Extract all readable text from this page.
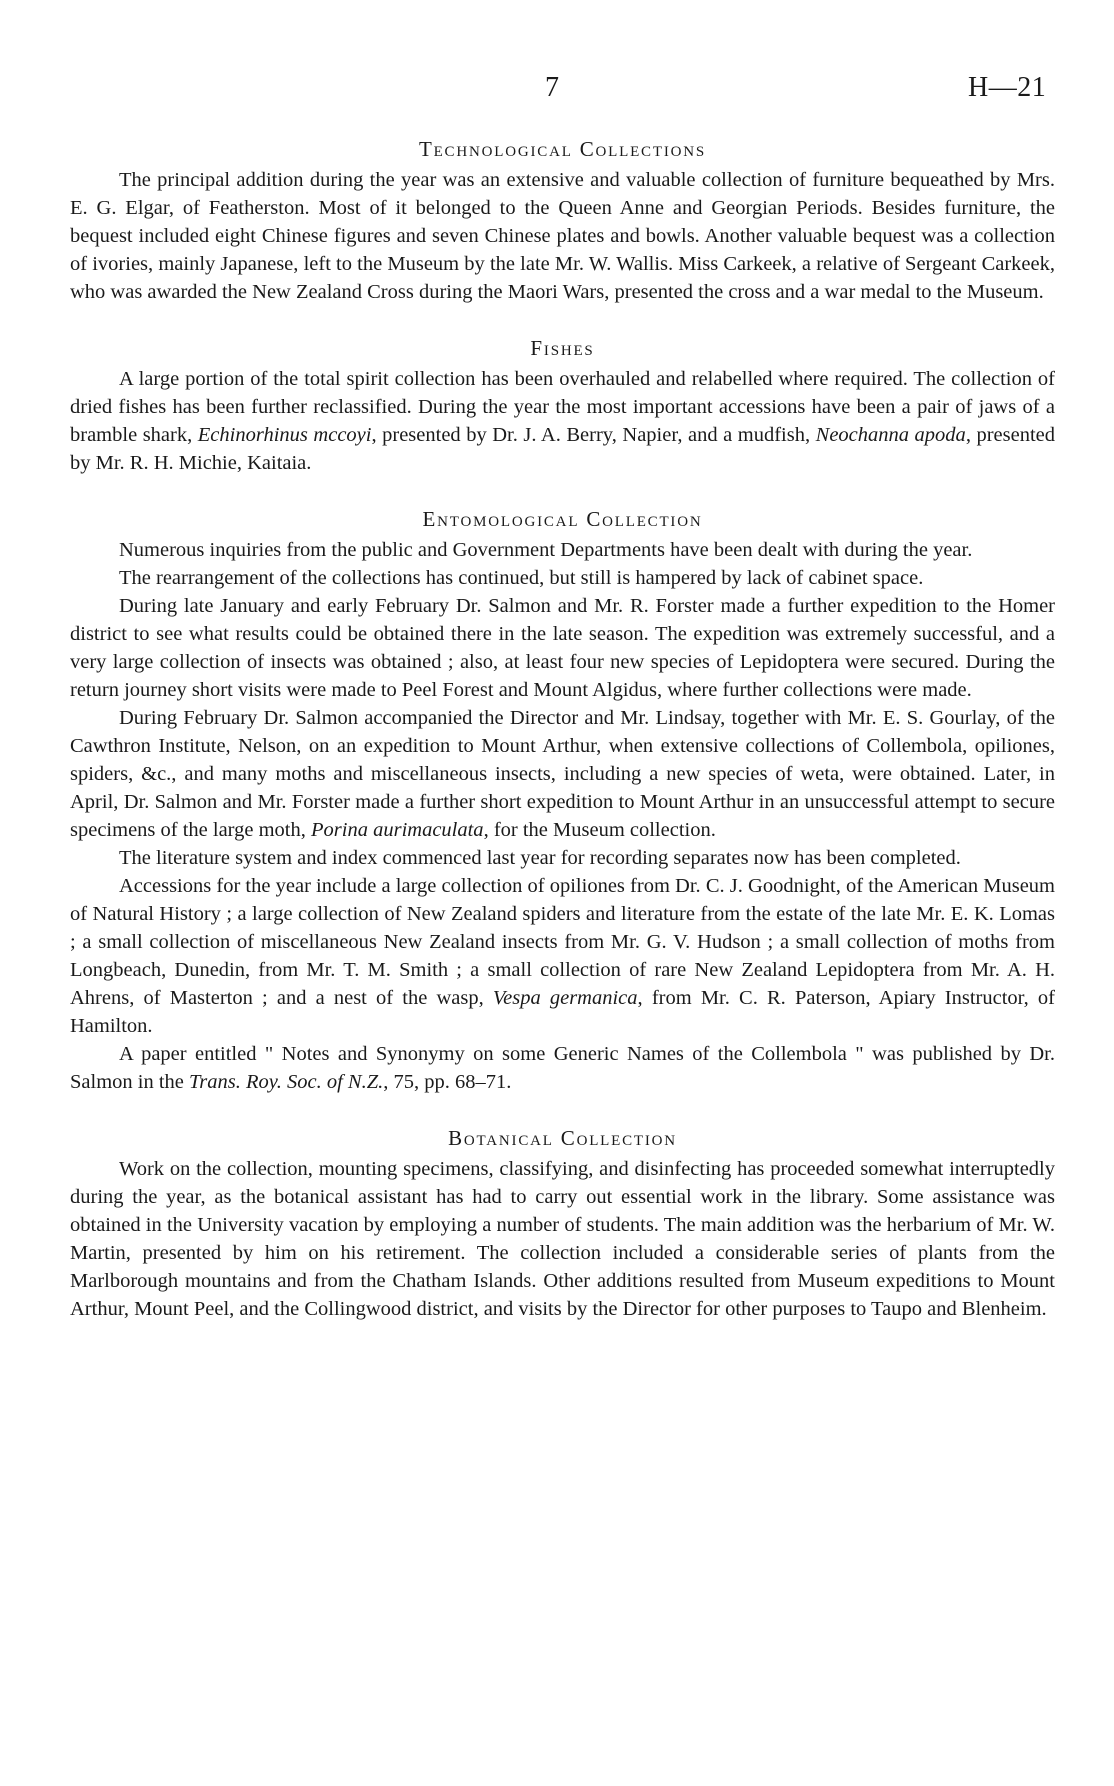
7	H—21
Technological Collections

The principal addition during the year was an extensive and valuable collection of furniture bequeathed by Mrs. E. G. Elgar, of Featherston. Most of it belonged to the Queen Anne and Georgian Periods. Besides furniture, the bequest included eight Chinese figures and seven Chinese plates and bowls. Another valuable bequest was a collection of ivories, mainly Japanese, left to the Museum by the late Mr. W. Wallis. Miss Carkeek, a relative of Sergeant Carkeek, who was awarded the New Zealand Cross during the Maori Wars, presented the cross and a war medal to the Museum.

Fishes

A large portion of the total spirit collection has been overhauled and relabelled where required. The collection of dried fishes has been further reclassified. During the year the most important accessions have been a pair of jaws of a bramble shark, Echinorhinus mccoyi, presented by Dr. J. A. Berry, Napier, and a mudfish, Neochanna apoda, presented by Mr. R. H. Michie, Kaitaia.

Entomological Collection

Numerous inquiries from the public and Government Departments have been dealt with during the year.

The rearrangement of the collections has continued, but still is hampered by lack of cabinet space.

During late January and early February Dr. Salmon and Mr. R. Forster made a further expedition to the Homer district to see what results could be obtained there in the late season. The expedition was extremely successful, and a very large collection of insects was obtained ; also, at least four new species of Lepidoptera were secured. During the return journey short visits were made to Peel Forest and Mount Algidus, where further collections were made.

During February Dr. Salmon accompanied the Director and Mr. Lindsay, together with Mr. E. S. Gourlay, of the Cawthron Institute, Nelson, on an expedition to Mount Arthur, when extensive collections of Collembola, opiliones, spiders, &c., and many moths and miscellaneous insects, including a new species of weta, were obtained. Later, in April, Dr. Salmon and Mr. Forster made a further short expedition to Mount Arthur in an unsuccessful attempt to secure specimens of the large moth, Porina aurimaculata, for the Museum collection.

The literature system and index commenced last year for recording separates now has been completed.

Accessions for the year include a large collection of opiliones from Dr. C. J. Goodnight, of the American Museum of Natural History ; a large collection of New Zealand spiders and literature from the estate of the late Mr. E. K. Lomas ; a small collection of miscellaneous New Zealand insects from Mr. G. V. Hudson ; a small collection of moths from Longbeach, Dunedin, from Mr. T. M. Smith ; a small collection of rare New Zealand Lepidoptera from Mr. A. H. Ahrens, of Masterton ; and a nest of the wasp, Vespa germanica, from Mr. C. R. Paterson, Apiary Instructor, of Hamilton.

A paper entitled " Notes and Synonymy on some Generic Names of the Collembola " was published by Dr. Salmon in the Trans. Roy. Soc. of N.Z., 75, pp. 68–71.

Botanical Collection

Work on the collection, mounting specimens, classifying, and disinfecting has proceeded somewhat interruptedly during the year, as the botanical assistant has had to carry out essential work in the library. Some assistance was obtained in the University vacation by employing a number of students. The main addition was the herbarium of Mr. W. Martin, presented by him on his retirement. The collection included a considerable series of plants from the Marlborough mountains and from the Chatham Islands. Other additions resulted from Museum expeditions to Mount Arthur, Mount Peel, and the Collingwood district, and visits by the Director for other purposes to Taupo and Blenheim.
